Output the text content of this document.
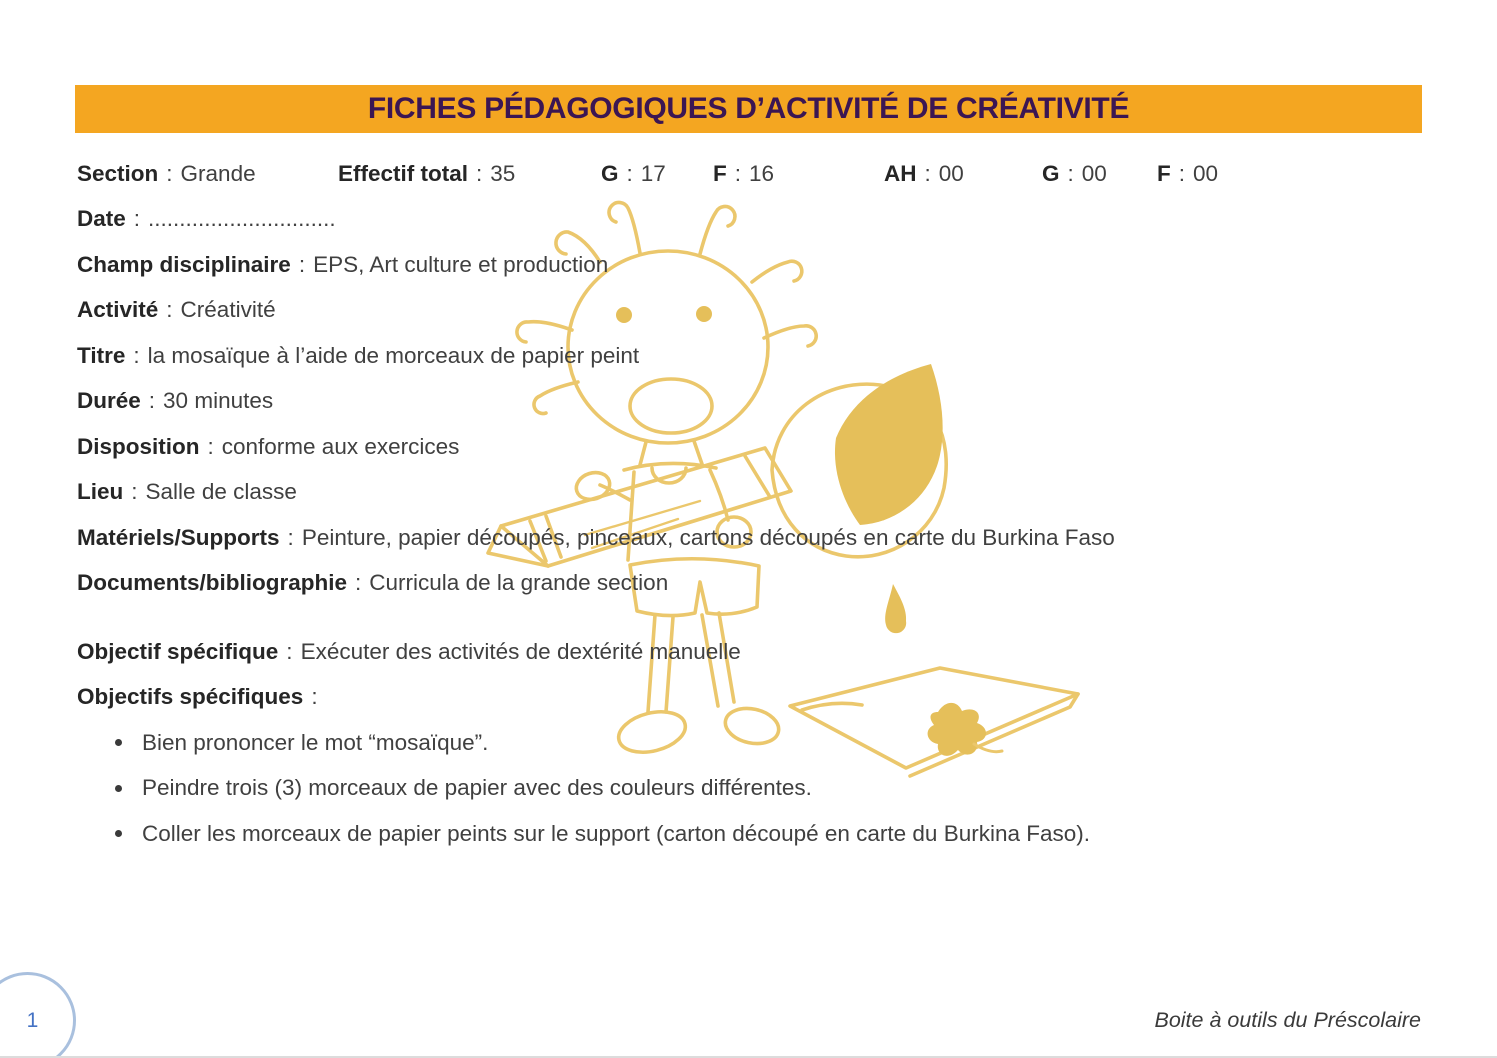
FICHES PÉDAGOGIQUES D’ACTIVITÉ DE CRÉATIVITÉ
Section : Grande	Effectif total : 35	G : 17 F : 16	AH : 00	G : 00 F : 00
Date : ..............................
Champ disciplinaire : EPS, Art culture et production
Activité : Créativité
Titre : la mosaïque à l’aide de morceaux de papier peint
Durée : 30 minutes
Disposition : conforme aux exercices
Lieu : Salle de classe
Matériels/Supports : Peinture, papier découpés, pinceaux, cartons découpés en carte du Burkina Faso
Documents/bibliographie : Curricula de la grande section
Objectif spécifique : Exécuter des activités de dextérité manuelle
Objectifs spécifiques :
Bien prononcer le mot “mosaïque”.
Peindre trois (3) morceaux de papier avec des couleurs différentes.
Coller les morceaux de papier peints sur le support (carton découpé en carte du Burkina Faso).
1	Boite à outils du Préscolaire
